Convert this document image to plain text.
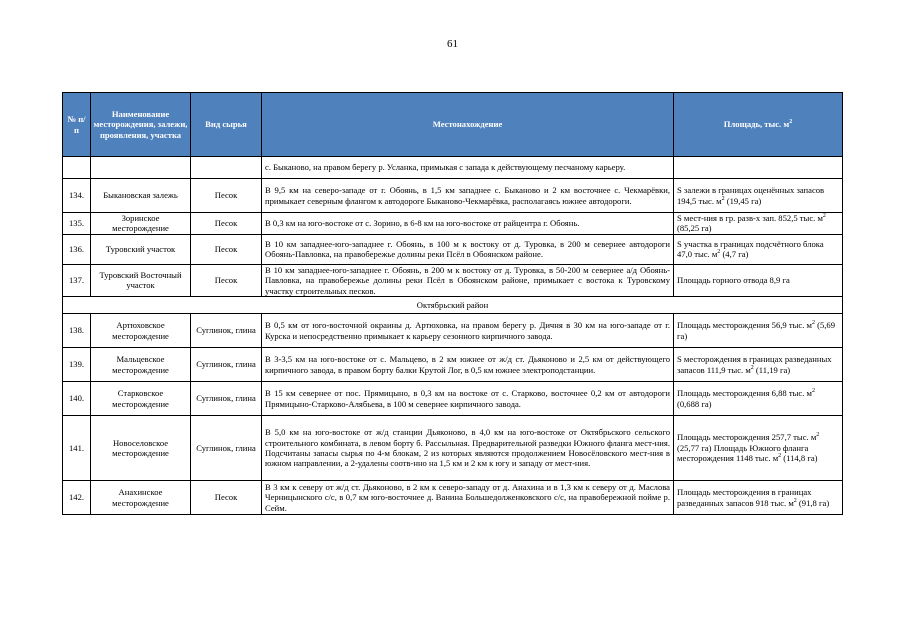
61
№ п/п	Наименование месторождения, залежи, проявления, участка	Вид сырья	Местонахождение	Площадь, тыс. $м^2$
			с. Быканово, на правом берегу р. Усланка, примыкая с запада к действующему песчаному карьеру.	
134.	Быкановская залежь	Песок	В 9,5 км на северо-западе от г. Обоянь, в 1,5 км западнее с. Быканово и 2 км восточнее с. Чекмарёвки, примыкает северным флангом к автодороге Быканово-Чекмарёвка, располагаясь южнее автодороги.	S залежи в границах оценённых запасов 194,5 тыс. $м^2$ (19,45 га)
135.	Зоринское месторождение	Песок	В 0,3 км на юго-востоке от с. Зорино, в 6-8 км на юго-востоке от райцентра г. Обоянь.	S мест-ния в гр. разв-х зап. 852,5 тыс. $м^2$ (85,25 га)
136.	Туровский участок	Песок	В 10 км западнее-юго-западнее г. Обоянь, в 100 м к востоку от д. Туровка, в 200 м севернее автодороги Обоянь-Павловка, на правобережье долины реки Псёл в Обоянском районе.	S участка в границах подсчётного блока 47,0 тыс. $м^2$ (4,7 га)
137.	Туровский Восточный участок	Песок	В 10 км западнее-юго-западнее г. Обоянь, в 200 м к востоку от д. Туровка, в 50-200 м севернее а/д Обоянь-Павловка, на правобережье долины реки Псёл в Обоянском районе, примыкает с востока к Туровскому участку строительных песков.	Площадь горного отвода 8,9 га
Октябрьский район				
138.	Артюховское месторождение	Суглинок, глина	В 0,5 км от юго-восточной окраины д. Артюховка, на правом берегу р. Дичня в 30 км на юго-западе от г. Курска и непосредственно примыкает к карьеру сезонного кирпичного завода.	Площадь месторождения 56,9 тыс. $м^2$ (5,69 га)
139.	Мальцевское месторождение	Суглинок, глина	В 3-3,5 км на юго-востоке от с. Мальцево, в 2 км южнее от ж/д ст. Дьяконово и 2,5 км от действующего кирпичного завода, в правом борту балки Крутой Лог, в 0,5 км южнее электроподстанции.	S месторождения в границах разведанных запасов 111,9 тыс. $м^2$ (11,19 га)
140.	Старковское месторождение	Суглинок, глина	В 15 км севернее от пос. Прямицыно, в 0,3 км на востоке от с. Старково, восточнее 0,2 км от автодороги Прямицыно-Старково-Алябьева, в 100 м севернее кирпичного завода.	Площадь месторождения 6,88 тыс. $м^2$ (0,688 га)
141.	Новоселовское месторождение	Суглинок, глина	В 5,0 км на юго-востоке от ж/д станции Дьяконово, в 4,0 км на юго-востоке от Октябрьского сельского строительного комбината, в левом борту б. Рассыльная. Предварительной разведки Южного фланга мест-ния. Подсчитаны запасы сырья по 4-м блокам, 2 из которых являются продолжением Новосёловского мест-ния в южном направлении, а 2-удалены соотв-нно на 1,5 км и 2 км к югу и западу от мест-ния.	Площадь месторождения 257,7 тыс. $м^2$ (25,77 га) Площадь Южного фланга месторождения 1148 тыс. $м^2$ (114,8 га)
142.	Анахинское месторождение	Песок	В 3 км к северу от ж/д ст. Дьяконово, в 2 км к северо-западу от д. Анахина и в 1,3 км к северу от д. Маслова Черницынского с/с, в 0,7 км юго-восточнее д. Ванина Большедолженковского с/с, на правобережной пойме р. Сейм.	Площадь месторождения в границах разведанных запасов 918 тыс. $м^2$ (91,8 га)
